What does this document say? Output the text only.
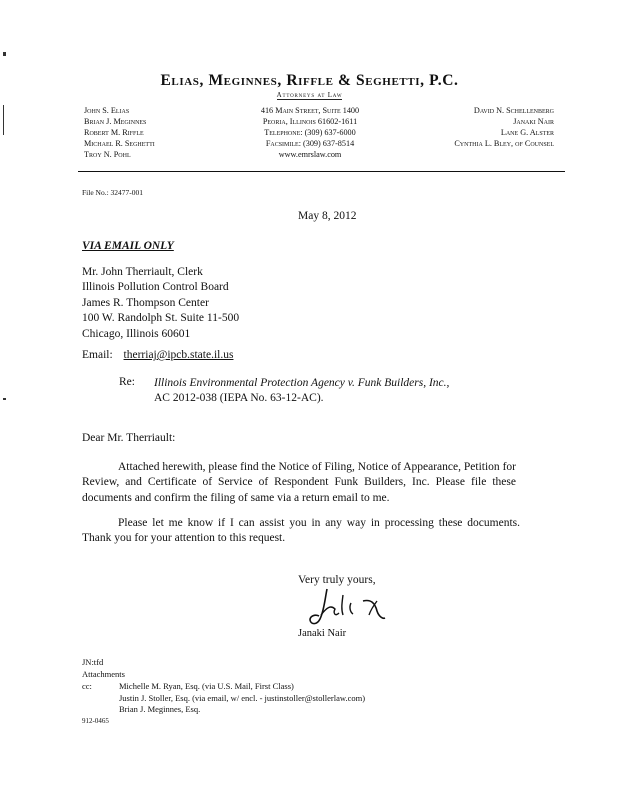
Elias, Meginnes, Riffle & Seghetti, P.C.
Attorneys at Law
John S. Elias
Brian J. Meginnes
Robert M. Riffle
Michael R. Seghetti
Troy N. Pohl
416 Main Street, Suite 1400
Peoria, Illinois 61602-1611
Telephone: (309) 637-6000
Facsimile: (309) 637-8514
www.emrslaw.com
David N. Schellenberg
Janaki Nair
Lane G. Alster
Cynthia L. Bley, of Counsel
File No.: 32477-001
May 8, 2012
VIA EMAIL ONLY
Mr. John Therriault, Clerk
Illinois Pollution Control Board
James R. Thompson Center
100 W. Randolph St. Suite 11-500
Chicago, Illinois 60601
Email: therriaj@ipcb.state.il.us
Re: Illinois Environmental Protection Agency v. Funk Builders, Inc.,
AC 2012-038 (IEPA No. 63-12-AC).
Dear Mr. Therriault:
Attached herewith, please find the Notice of Filing, Notice of Appearance, Petition for Review, and Certificate of Service of Respondent Funk Builders, Inc. Please file these documents and confirm the filing of same via a return email to me.
Please let me know if I can assist you in any way in processing these documents. Thank you for your attention to this request.
Very truly yours,
Janaki Nair
JN:tfd
Attachments
cc:	Michelle M. Ryan, Esq. (via U.S. Mail, First Class)
Justin J. Stoller, Esq. (via email, w/ encl. - justinstoller@stollerlaw.com)
Brian J. Meginnes, Esq.
912-0465
